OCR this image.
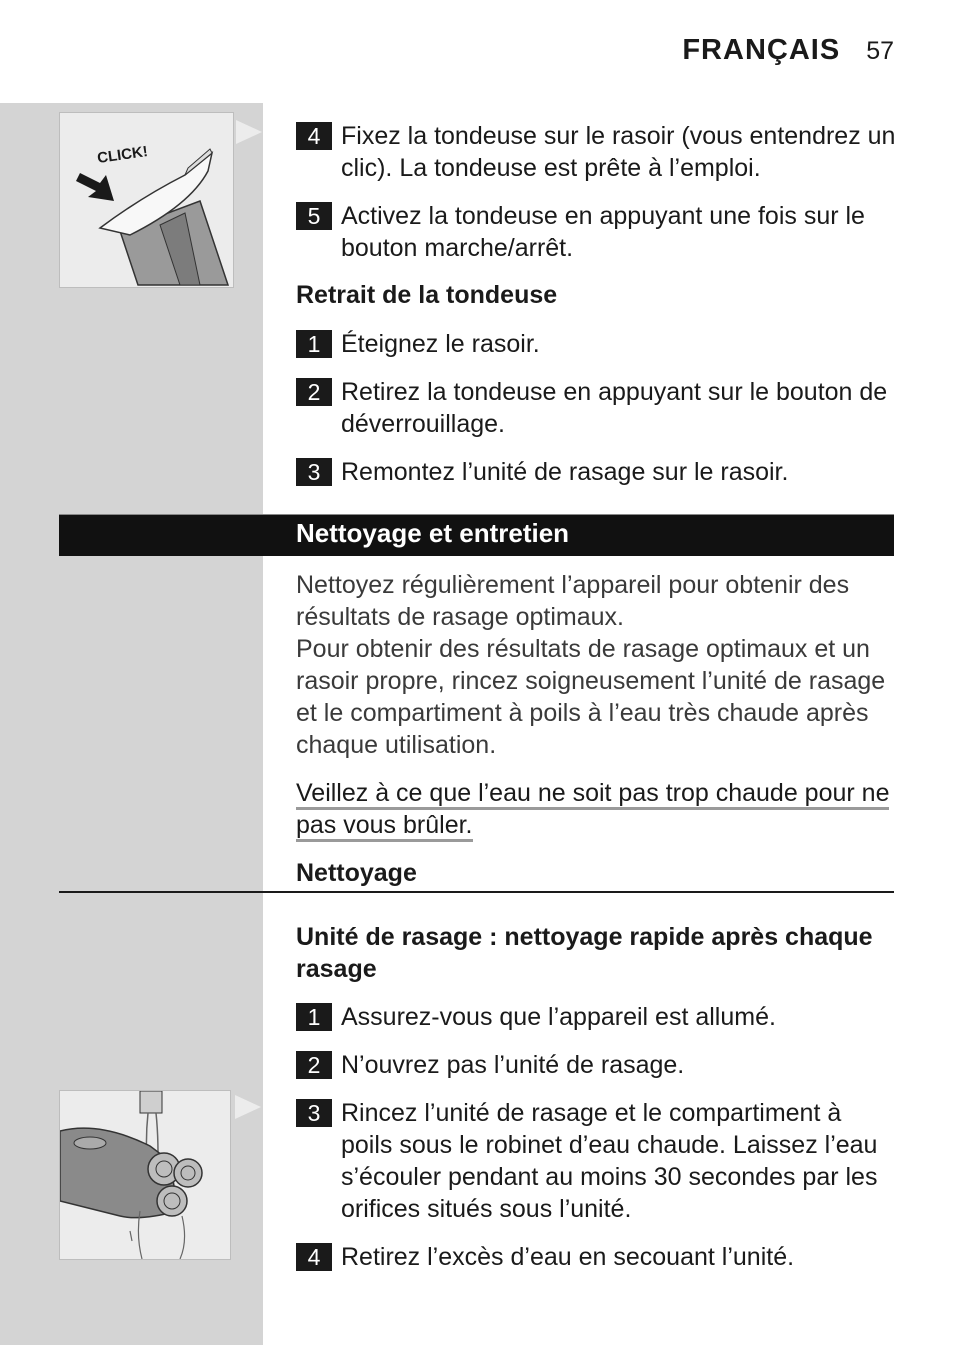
FRANÇAIS 57
CLICK!
4 Fixez la tondeuse sur le rasoir (vous entendrez un clic). La tondeuse est prête à l’emploi.
5 Activez la tondeuse en appuyant une fois sur le bouton marche/arrêt.
Retrait de la tondeuse
1 Éteignez le rasoir.
2 Retirez la tondeuse en appuyant sur le bouton de déverrouillage.
3 Remontez l’unité de rasage sur le rasoir.
Nettoyage et entretien
Nettoyez régulièrement l’appareil pour obtenir des résultats de rasage optimaux.
Pour obtenir des résultats de rasage optimaux et un rasoir propre, rincez soigneusement l’unité de rasage et le compartiment à poils à l’eau très chaude après chaque utilisation.
Veillez à ce que l’eau ne soit pas trop chaude pour ne pas vous brûler.
Nettoyage
Unité de rasage : nettoyage rapide après chaque rasage
1 Assurez-vous que l’appareil est allumé.
2 N’ouvrez pas l’unité de rasage.
3 Rincez l’unité de rasage et le compartiment à poils sous le robinet d’eau chaude. Laissez l’eau s’écouler pendant au moins 30 secondes par les orifices situés sous l’unité.
4 Retirez l’excès d’eau en secouant l’unité.
